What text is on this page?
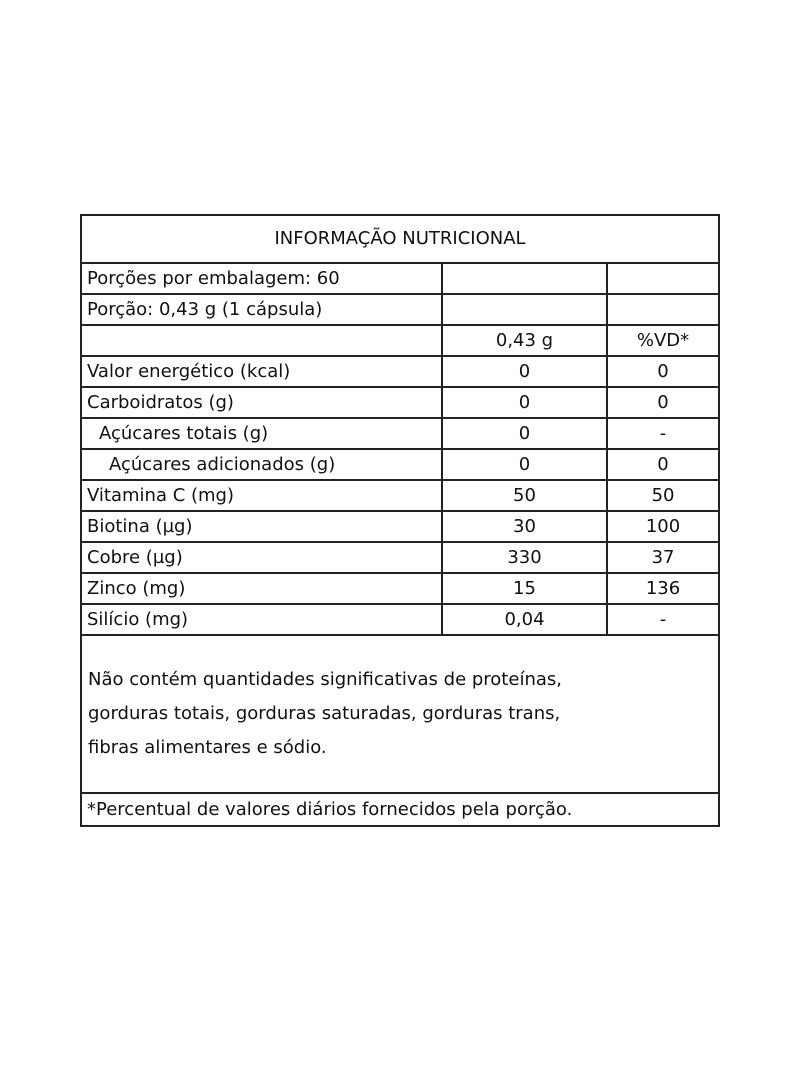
INFORMAÇÃO NUTRICIONAL		
Porções por embalagem: 60		
Porção: 0,43 g (1 cápsula)		
	0,43 g	%VD*
Valor energético (kcal)	0	0
Carboidratos (g)	0	0
Açúcares totais (g)	0	-
Açúcares adicionados (g)	0	0
Vitamina C (mg)	50	50
Biotina (µg)	30	100
Cobre (µg)	330	37
Zinco (mg)	15	136
Silício (mg)	0,04	-

Não contém quantidades significativas de proteínas,
gorduras totais, gorduras saturadas, gorduras trans,
fibras alimentares e sódio.		

*Percentual de valores diários fornecidos pela porção.		
